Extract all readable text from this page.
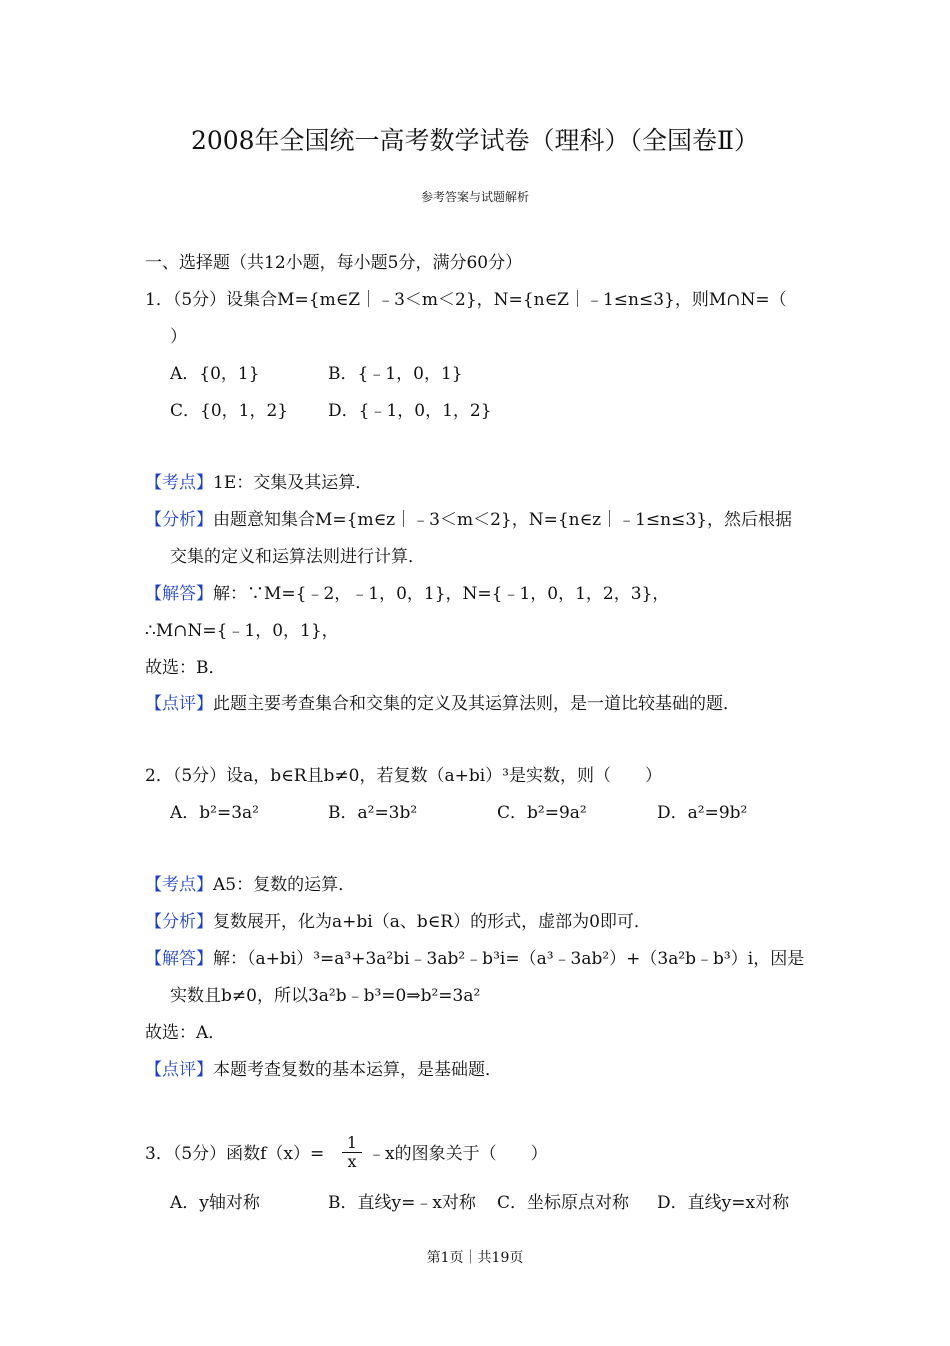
2008年全国统一高考数学试卷（理科）（全国卷Ⅱ）
参考答案与试题解析
一、选择题（共12小题，每小题5分，满分60分）
1．（5分）设集合M={m∈Z｜﹣3＜m＜2}，N={n∈Z｜﹣1≤n≤3}，则M∩N=（
）
A．{0，1}	B．{﹣1，0，1}
C．{0，1，2} D．{﹣1，0，1，2}
【考点】1E：交集及其运算．
【分析】由题意知集合M={m∈z｜﹣3＜m＜2}，N={n∈z｜﹣1≤n≤3}，然后根据
交集的定义和运算法则进行计算．
【解答】解：∵M={﹣2，﹣1，0，1}，N={﹣1，0，1，2，3}，
∴M∩N={﹣1，0，1}，
故选：B．
【点评】此题主要考查集合和交集的定义及其运算法则，是一道比较基础的题．
2．（5分）设a，b∈R且b≠0，若复数（a+bi）³是实数，则（　　）
A．b²=3a²	B．a²=3b²	C．b²=9a²	D．a²=9b²
【考点】A5：复数的运算．
【分析】复数展开，化为a+bi（a、b∈R）的形式，虚部为0即可．
【解答】解：（a+bi）³=a³+3a²bi﹣3ab²﹣b³i=（a³﹣3ab²）+（3a²b﹣b³）i，因是
实数且b≠0，所以3a²b﹣b³=0⇒b²=3a²
故选：A．
【点评】本题考查复数的基本运算，是基础题．
3．（5分）函数$f(x)= \frac{1}{x}$ ﹣x的图象关于（　　）
A．y轴对称	B．直线y=﹣x对称 C．坐标原点对称 D．直线y=x对称
第1页｜共19页
